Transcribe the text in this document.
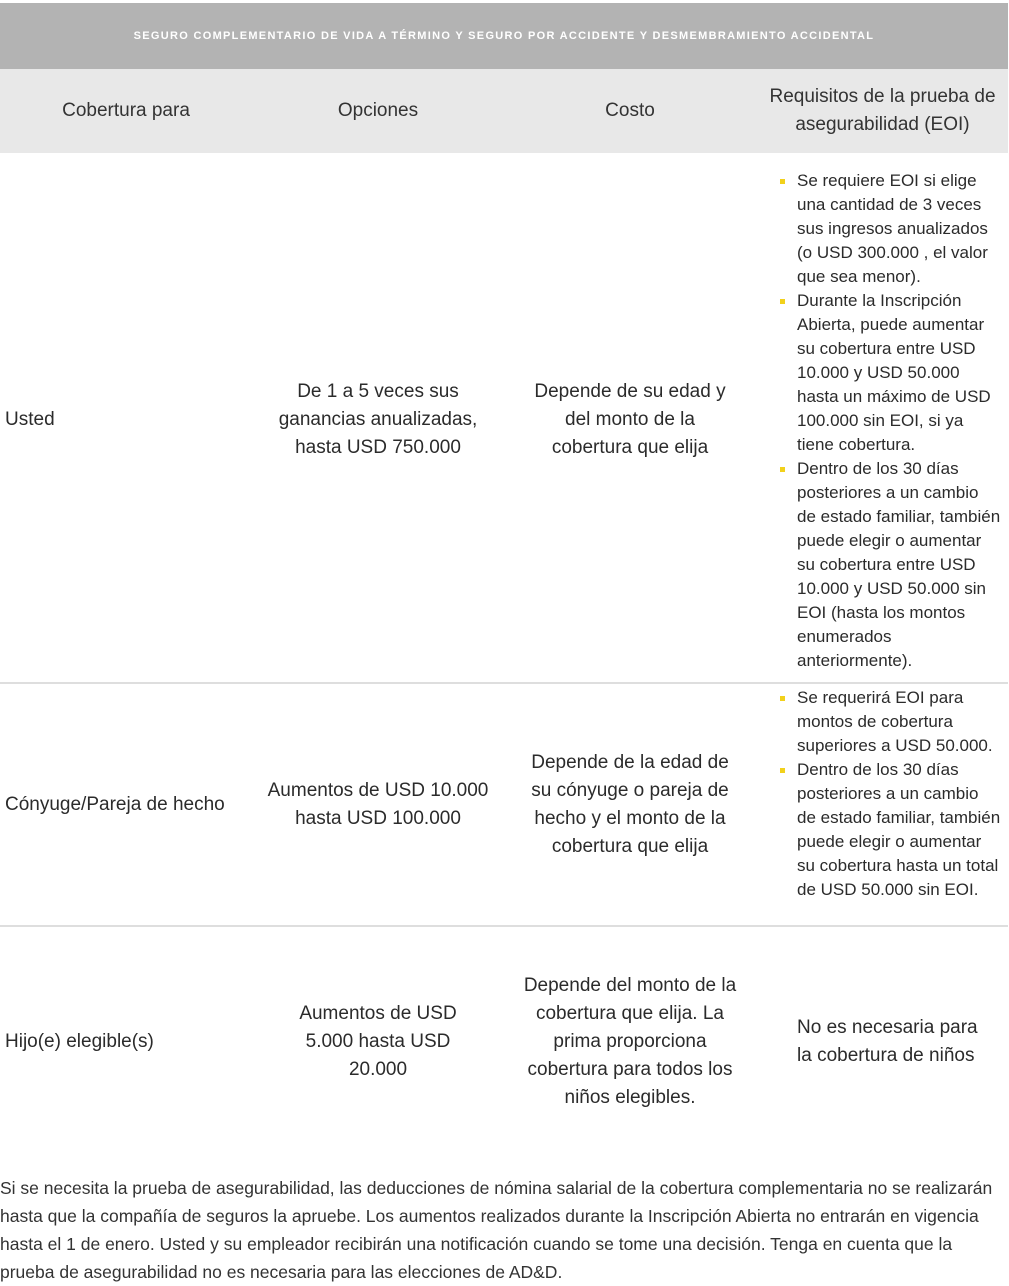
SEGURO COMPLEMENTARIO DE VIDA A TÉRMINO Y SEGURO POR ACCIDENTE Y DESMEMBRAMIENTO ACCIDENTAL
Cobertura para	Opciones	Costo
Requisitos de la prueba de asegurabilidad (EOI)
Usted
De 1 a 5 veces sus ganancias anualizadas, hasta USD 750.000
Depende de su edad y del monto de la cobertura que elija
Se requiere EOI si elige una cantidad de 3 veces sus ingresos anualizados (o USD 300.000 , el valor que sea menor).
Durante la Inscripción Abierta, puede aumentar su cobertura entre USD 10.000 y USD 50.000 hasta un máximo de USD 100.000 sin EOI, si ya tiene cobertura.
Dentro de los 30 días posteriores a un cambio de estado familiar, también puede elegir o aumentar su cobertura entre USD 10.000 y USD 50.000 sin EOI (hasta los montos enumerados anteriormente).
Cónyuge/Pareja de hecho
Aumentos de USD 10.000 hasta USD 100.000
Depende de la edad de su cónyuge o pareja de hecho y el monto de la cobertura que elija
Se requerirá EOI para montos de cobertura superiores a USD 50.000.
Dentro de los 30 días posteriores a un cambio de estado familiar, también puede elegir o aumentar su cobertura hasta un total de USD 50.000 sin EOI.
Hijo(e) elegible(s)
Aumentos de USD 5.000 hasta USD 20.000
Depende del monto de la cobertura que elija. La prima proporciona cobertura para todos los niños elegibles.
No es necesaria para la cobertura de niños
Si se necesita la prueba de asegurabilidad, las deducciones de nómina salarial de la cobertura complementaria no se realizarán hasta que la compañía de seguros la apruebe. Los aumentos realizados durante la Inscripción Abierta no entrarán en vigencia hasta el 1 de enero. Usted y su empleador recibirán una notificación cuando se tome una decisión. Tenga en cuenta que la prueba de asegurabilidad no es necesaria para las elecciones de AD&D.
